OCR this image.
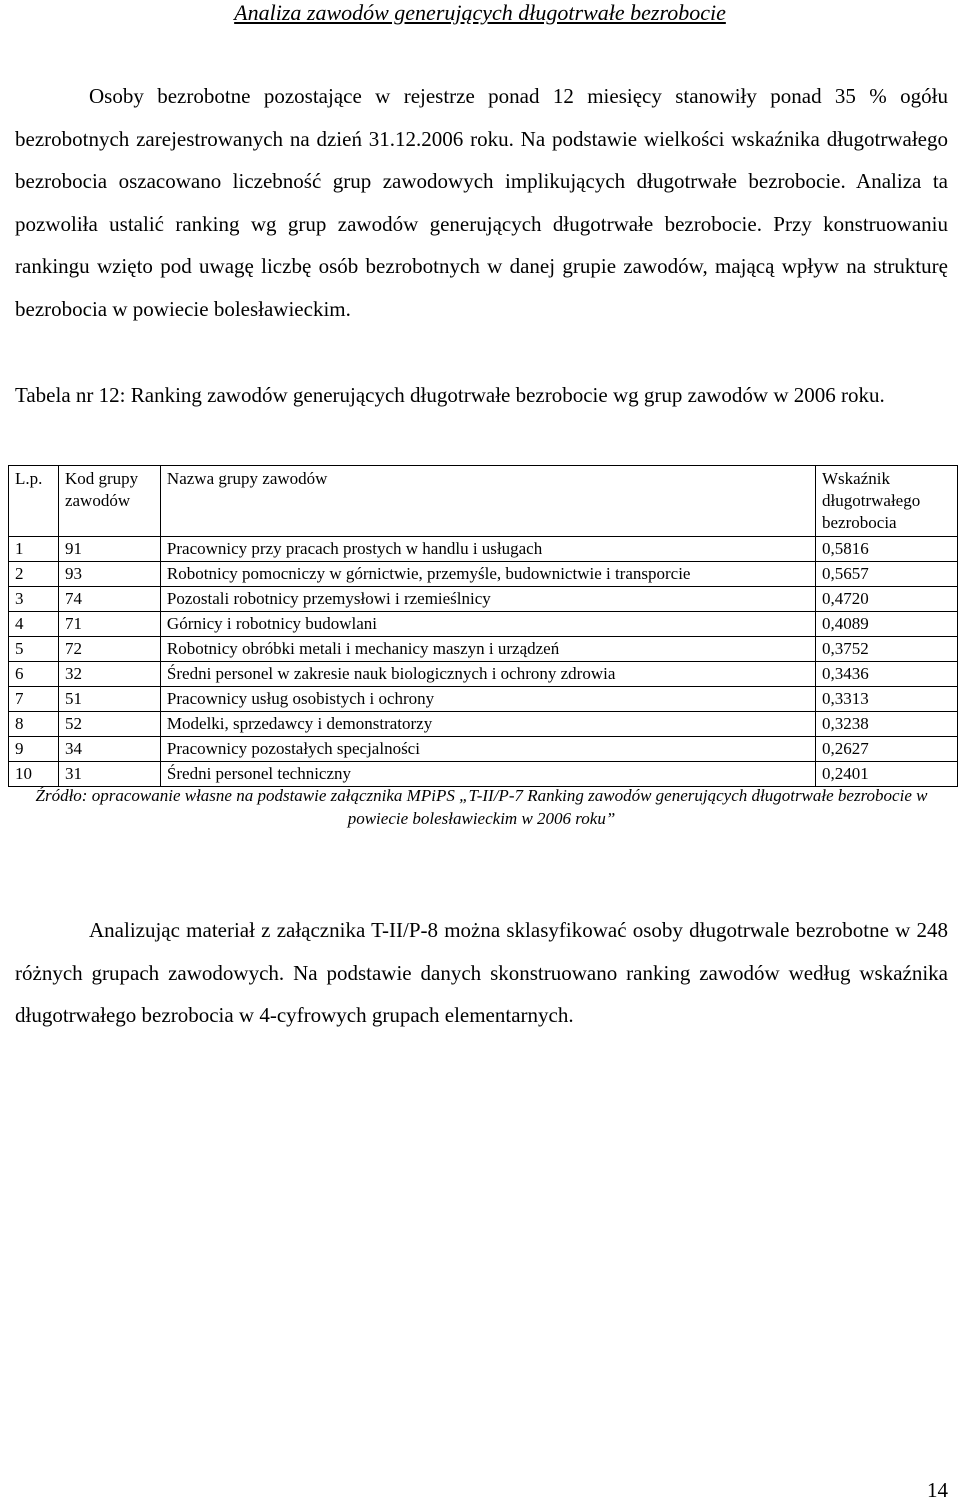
Analiza zawodów generujących długotrwałe bezrobocie
Osoby bezrobotne pozostające w rejestrze ponad 12 miesięcy stanowiły ponad 35 % ogółu bezrobotnych zarejestrowanych na dzień 31.12.2006 roku. Na podstawie wielkości wskaźnika długotrwałego bezrobocia oszacowano liczebność grup zawodowych implikujących długotrwałe bezrobocie. Analiza ta pozwoliła ustalić ranking wg grup zawodów generujących długotrwałe bezrobocie. Przy konstruowaniu rankingu wzięto pod uwagę liczbę osób bezrobotnych w danej grupie zawodów, mającą wpływ na strukturę bezrobocia w powiecie bolesławieckim.
Tabela nr 12: Ranking zawodów generujących długotrwałe bezrobocie wg grup zawodów w 2006 roku.
L.p.	Kod grupy zawodów	Nazwa grupy zawodów	Wskaźnik długotrwałego bezrobocia
1	91	Pracownicy przy pracach prostych w handlu i usługach	0,5816
2	93	Robotnicy pomocniczy w górnictwie, przemyśle, budownictwie i transporcie	0,5657
3	74	Pozostali robotnicy przemysłowi i rzemieślnicy	0,4720
4	71	Górnicy i robotnicy budowlani	0,4089
5	72	Robotnicy obróbki metali i mechanicy maszyn i urządzeń	0,3752
6	32	Średni personel w zakresie nauk biologicznych i ochrony zdrowia	0,3436
7	51	Pracownicy usług osobistych i ochrony	0,3313
8	52	Modelki, sprzedawcy i demonstratorzy	0,3238
9	34	Pracownicy pozostałych specjalności	0,2627
10	31	Średni personel techniczny	0,2401
Źródło: opracowanie własne na podstawie załącznika MPiPS „T-II/P-7 Ranking zawodów generujących długotrwałe bezrobocie w powiecie bolesławieckim w 2006 roku”
Analizując materiał z załącznika T-II/P-8 można sklasyfikować osoby długotrwale bezrobotne w 248 różnych grupach zawodowych. Na podstawie danych skonstruowano ranking zawodów według wskaźnika długotrwałego bezrobocia w 4-cyfrowych grupach elementarnych.
14
